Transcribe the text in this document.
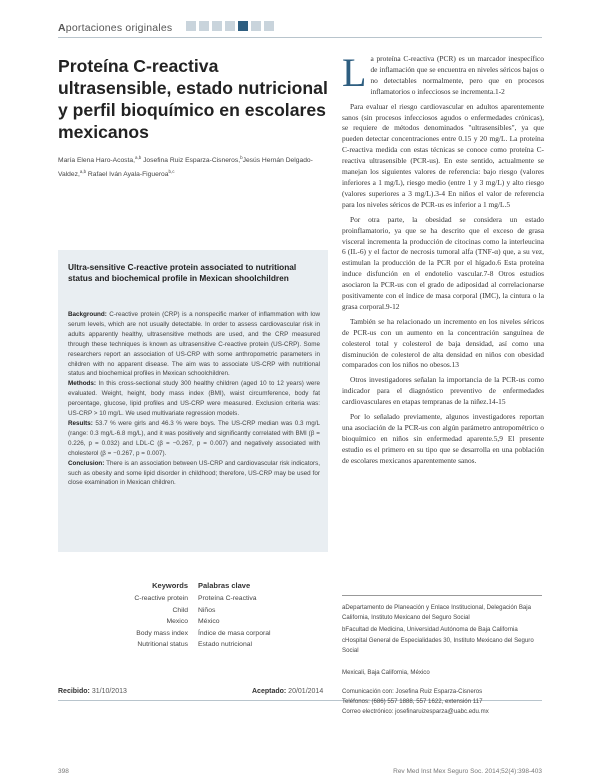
Aportaciones originales
Proteína C-reactiva ultrasensible, estado nutricional y perfil bioquímico en escolares mexicanos
María Elena Haro-Acosta,$^{a,b}$ Josefina Ruiz Esparza-Cisneros,$^b$Jesús Hernán Delgado-Valdez,$^{a,b}$ Rafael Iván Ayala-Figueroa$^{b,c}$
Ultra-sensitive C-reactive protein associated to nutritional status and biochemical profile in Mexican shoolchildren

Background: C-reactive protein (CRP) is a nonspecific marker of inflammation with low serum levels, which are not usually detectable. In order to assess cardiovascular risk in adults apparently healthy, ultrasensitive methods are used, and the CRP measured through these techniques is known as ultrasensitive C-reactive protein (US-CRP). Some researchers report an association of US-CRP with some anthropometric parameters in children with no apparent disease. The aim was to associate US-CRP with nutritional status and biochemical profiles in Mexican schoolchildren.

Methods: In this cross-sectional study 300 healthy children (aged 10 to 12 years) were evaluated. Weight, height, body mass index (BMI), waist circumference, body fat percentage, glucose, lipid profiles and US-CRP were measured. Exclusion criteria was: US-CRP > 10 mg/L. We used multivariate regression models.

Results: 53.7 % were girls and 46.3 % were boys. The US-CRP median was 0.3 mg/L (range: 0.3 mg/L-6.8 mg/L), and it was positively and significantly correlated with BMI (β = 0.226, p = 0.032) and LDL-C (β = −0.267, p = 0.007) and negatively associated with cholesterol (β = −0.267, p = 0.007).

Conclusion: There is an association between US-CRP and cardiovascular risk indicators, such as obesity and some lipid disorder in childhood; therefore, US-CRP may be used for close examination in Mexican children.

Keywords Palabras clave
C-reactive protein
Child
Mexico
Body mass index
Nutritional status
Proteína C-reactiva
Niños
México
Índice de masa corporal
Estado nutricional
Recibido: 31/10/2013	Aceptado: 20/01/2014

La proteína C-reactiva (PCR) es un marcador inespecífico de inflamación que se encuentra en niveles séricos bajos o no detectables normalmente, pero que en procesos inflamatorios o infecciosos se incrementa.1-2

Para evaluar el riesgo cardiovascular en adultos aparentemente sanos (sin procesos infecciosos agudos o enfermedades crónicas), se requiere de métodos denominados "ultrasensibles", ya que pueden detectar concentraciones entre 0.15 y 20 mg/L. La proteína C-reactiva medida con estas técnicas se conoce como proteína C-reactiva ultrasensible (PCR-us). En este sentido, actualmente se manejan los siguientes valores de referencia: bajo riesgo (valores inferiores a 1 mg/L), riesgo medio (entre 1 y 3 mg/L) y alto riesgo (valores superiores a 3 mg/L).3-4 En niños el valor de referencia para los niveles séricos de PCR-us es inferior a 1 mg/L.5

Por otra parte, la obesidad se considera un estado proinflamatorio, ya que se ha descrito que el exceso de grasa visceral incrementa la producción de citocinas como la interleucina 6 (IL-6) y el factor de necrosis tumoral alfa (TNF-α) que, a su vez, estimulan la producción de la PCR por el hígado.6 Esta proteína induce disfunción en el endotelio vascular.7-8 Otros estudios asociaron la PCR-us con el grado de adiposidad al correlacionarse positivamente con el índice de masa corporal (IMC), la cintura o la grasa corporal.9-12

También se ha relacionado un incremento en los niveles séricos de PCR-us con un aumento en la concentración sanguínea de colesterol total y colesterol de baja densidad, así como una disminución de colesterol de alta densidad en niños con obesidad comparados con los niños no obesos.13

Otros investigadores señalan la importancia de la PCR-us como indicador para el diagnóstico preventivo de enfermedades cardiovasculares en etapas tempranas de la niñez.14-15

Por lo señalado previamente, algunos investigadores reportan una asociación de la PCR-us con algún parámetro antropométrico o bioquímico en niños sin enfermedad aparente.5,9 El presente estudio es el primero en su tipo que se desarrolla en una población de escolares mexicanos aparentemente sanos.

aDepartamento de Planeación y Enlace Institucional, Delegación Baja California, Instituto Mexicano del Seguro Social

bFacultad de Medicina, Universidad Autónoma de Baja California

cHospital General de Especialidades 30, Instituto Mexicano del Seguro Social

Mexicali, Baja California, México
Comunicación con: Josefina Ruiz Esparza-Cisneros
Teléfonos: (686) 557 1888, 557 1622, extensión 117
Correo electrónico: josefinaruizesparza@uabc.edu.mx
398	Rev Med Inst Mex Seguro Soc. 2014;52(4):398-403
